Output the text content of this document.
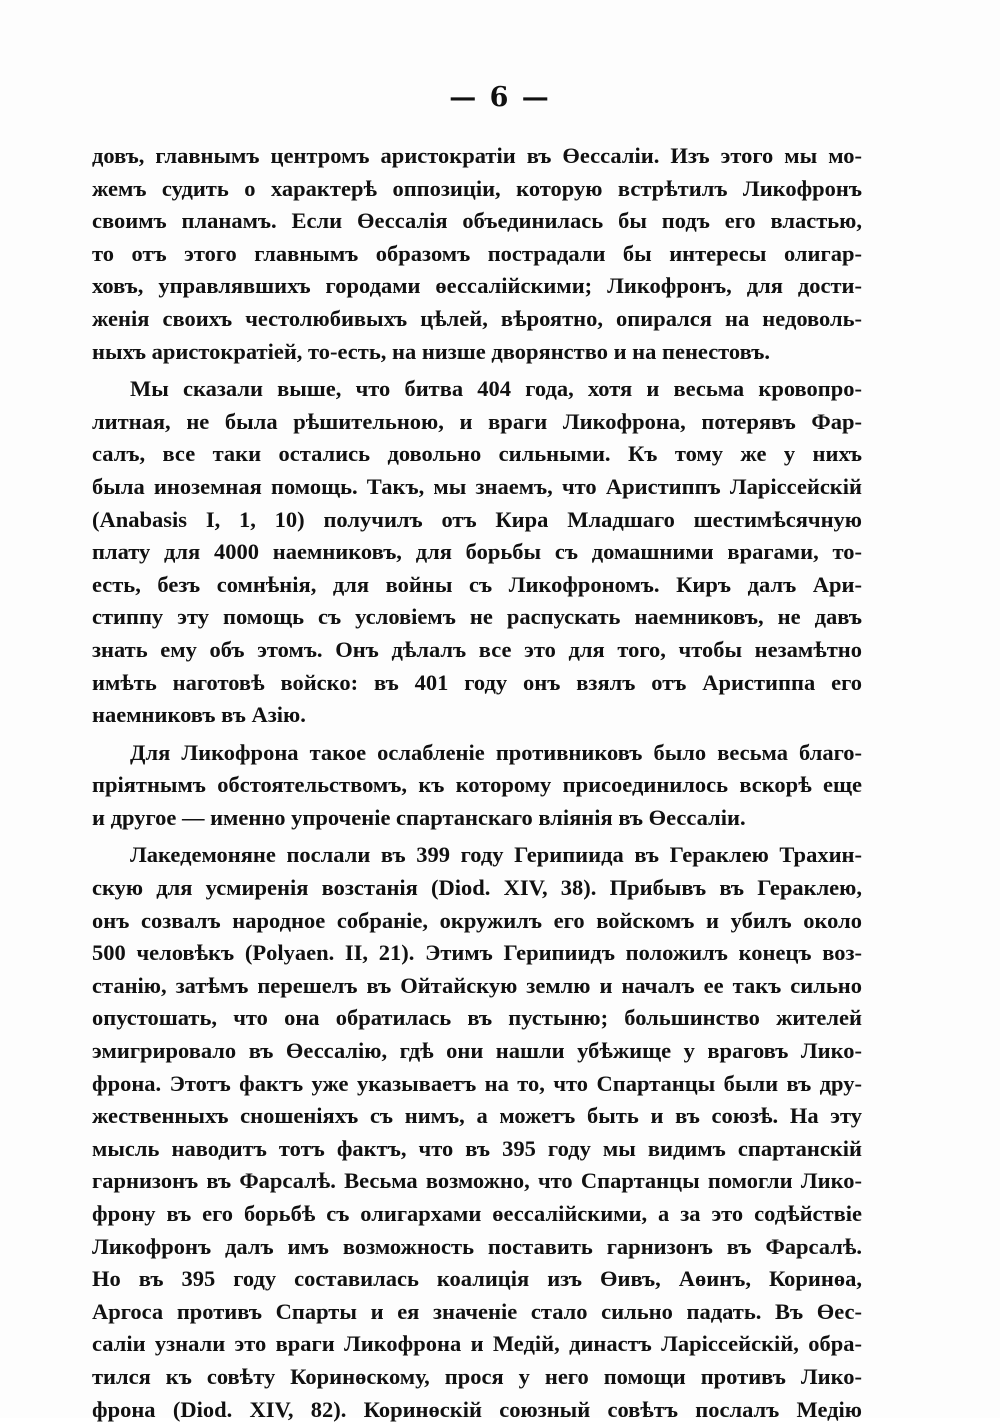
— 6 —
довъ, главнымъ центромъ аристократіи въ Өессаліи. Изъ этого мы мо-
жемъ судить о характерѣ оппозиціи, которую встрѣтилъ Ликофронъ
своимъ планамъ. Если Өессалія объединилась бы подъ его властью,
то отъ этого главнымъ образомъ пострадали бы интересы олигар-
ховъ, управлявшихъ городами өессалійскими; Ликофронъ, для дости-
женія своихъ честолюбивыхъ цѣлей, вѣроятно, опирался на недоволь-
ныхъ аристократіей, то-есть, на низше дворянство и на пенестовъ.
Мы сказали выше, что битва 404 года, хотя и весьма кровопро-
литная, не была рѣшительною, и враги Ликофрона, потерявъ Фар-
салъ, все таки остались довольно сильными. Къ тому же у нихъ
была иноземная помощь. Такъ, мы знаемъ, что Аристиппъ Ларіссейскій
(Anabasis I, 1, 10) получилъ отъ Кира Младшаго шестимѣсячную
плату для 4000 наемниковъ, для борьбы съ домашними врагами, то-
есть, безъ сомнѣнія, для войны съ Ликофрономъ. Киръ далъ Ари-
стиппу эту помощь съ условіемъ не распускать наемниковъ, не давъ
знать ему объ этомъ. Онъ дѣлалъ все это для того, чтобы незамѣтно
имѣть наготовѣ войско: въ 401 году онъ взялъ отъ Аристиппа его
наемниковъ въ Азію.
Для Ликофрона такое ослабленіе противниковъ было весьма благо-
пріятнымъ обстоятельствомъ, къ которому присоединилось вскорѣ еще
и другое — именно упроченіе спартанскаго вліянія въ Өессаліи.
Лакедемоняне послали въ 399 году Герипиида въ Гераклею Трахин-
скую для усмиренія возстанія (Diod. XIV, 38). Прибывъ въ Гераклею,
онъ созвалъ народное собраніе, окружилъ его войскомъ и убилъ около
500 человѣкъ (Polyaen. II, 21). Этимъ Герипиидъ положилъ конецъ воз-
станію, затѣмъ перешелъ въ Ойтайскую землю и началъ ее такъ сильно
опустошать, что она обратилась въ пустыню; большинство жителей
эмигрировало въ Өессалію, гдѣ они нашли убѣжище у враговъ Лико-
фрона. Этотъ фактъ уже указываетъ на то, что Спартанцы были въ дру-
жественныхъ сношеніяхъ съ нимъ, а можетъ быть и въ союзѣ. На эту
мысль наводитъ тотъ фактъ, что въ 395 году мы видимъ спартанскій
гарнизонъ въ Фарсалѣ. Весьма возможно, что Спартанцы помогли Лико-
фрону въ его борьбѣ съ олигархами өессалійскими, а за это содѣйствіе
Ликофронъ далъ имъ возможность поставить гарнизонъ въ Фарсалѣ.
Но въ 395 году составилась коалиція изъ Өивъ, Аөинъ, Коринөа,
Аргоса противъ Спарты и ея значеніе стало сильно падать. Въ Өес-
саліи узнали это враги Ликофрона и Медій, династъ Ларіссейскій, обра-
тился къ совѣту Коринөскому, прося у него помощи противъ Лико-
фрона (Diod. XIV, 82). Коринөскій союзный совѣтъ послалъ Медію
